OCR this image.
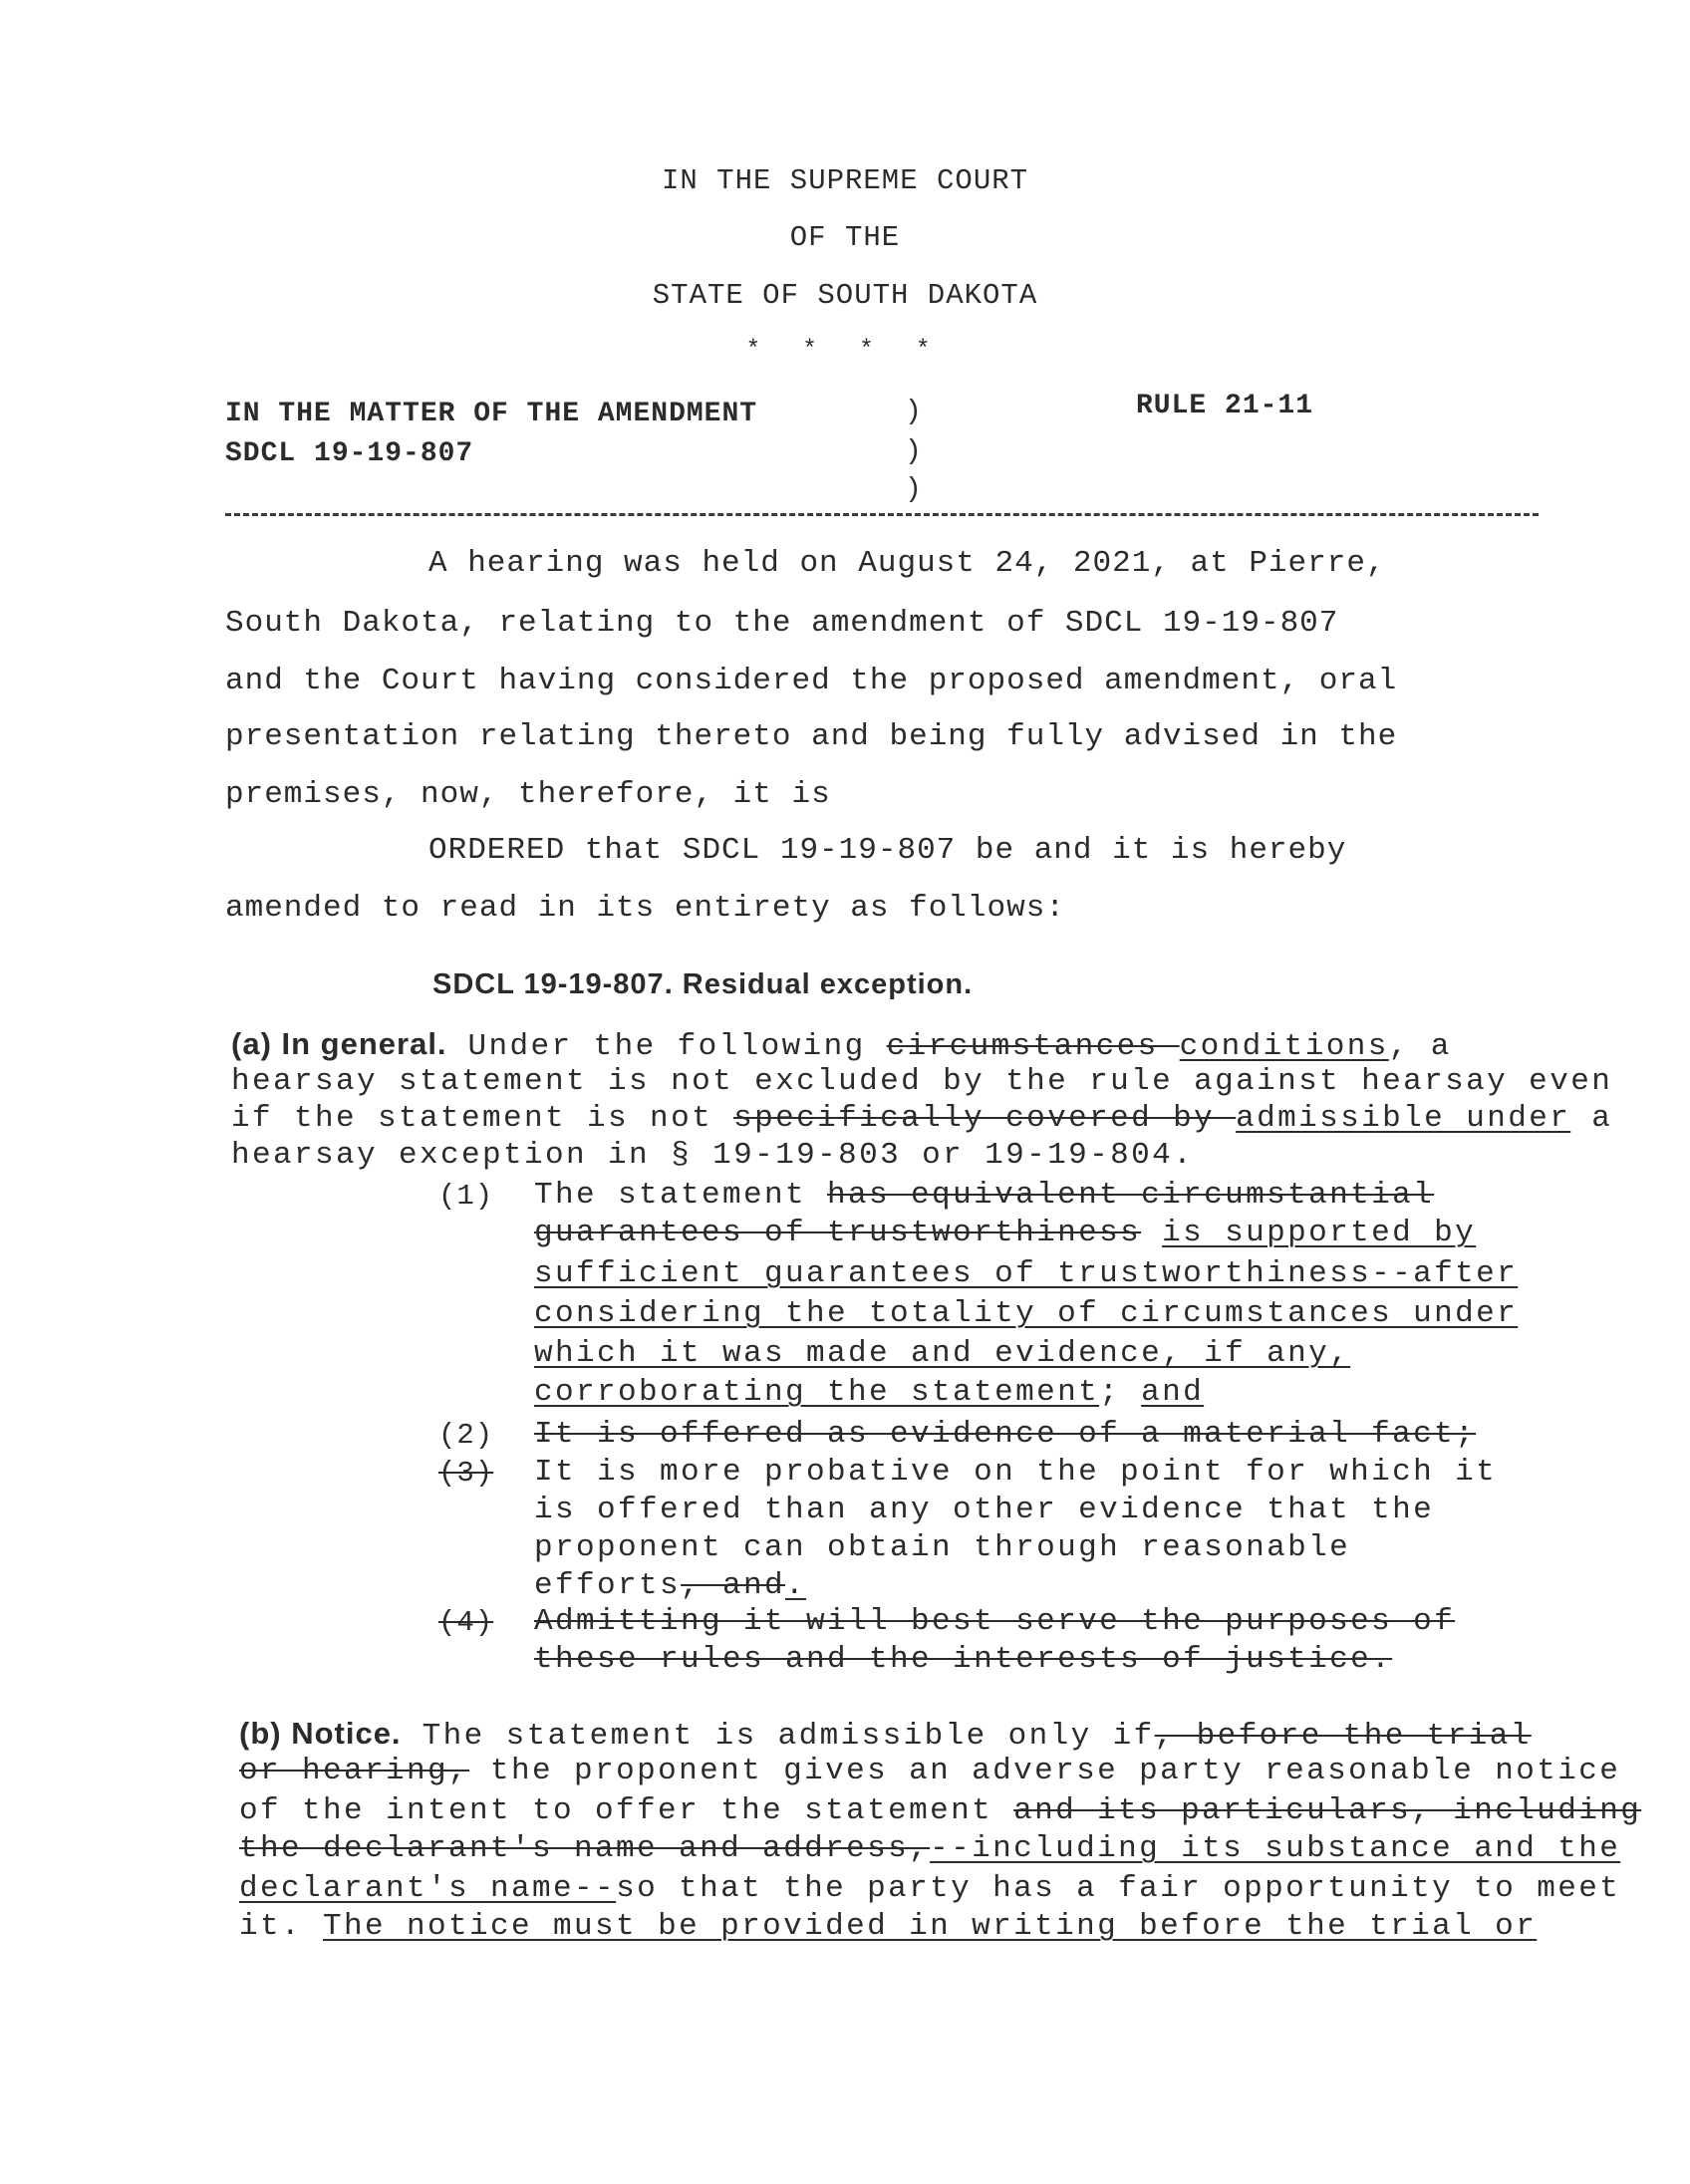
IN THE SUPREME COURT
OF THE
STATE OF SOUTH DAKOTA
* * * *
IN THE MATTER OF THE AMENDMENT
SDCL 19-19-807
)
)
)
RULE 21-11
A hearing was held on August 24, 2021, at Pierre,
South Dakota, relating to the amendment of SDCL 19-19-807
and the Court having considered the proposed amendment, oral
presentation relating thereto and being fully advised in the
premises, now, therefore, it is
ORDERED that SDCL 19-19-807 be and it is hereby
amended to read in its entirety as follows:
SDCL 19-19-807. Residual exception.
(a) In general. Under the following circumstances conditions, a
hearsay statement is not excluded by the rule against hearsay even
if the statement is not specifically covered by admissible under a
hearsay exception in § 19-19-803 or 19-19-804.
(1) The statement has equivalent circumstantial
guarantees of trustworthiness is supported by
sufficient guarantees of trustworthiness--after
considering the totality of circumstances under
which it was made and evidence, if any,
corroborating the statement; and
(2) It is offered as evidence of a material fact;
(3) It is more probative on the point for which it
is offered than any other evidence that the
proponent can obtain through reasonable
efforts, and.
(4) Admitting it will best serve the purposes of
these rules and the interests of justice.
(b) Notice. The statement is admissible only if, before the trial
or hearing, the proponent gives an adverse party reasonable notice
of the intent to offer the statement and its particulars, including
the declarant's name and address,--including its substance and the
declarant's name--so that the party has a fair opportunity to meet
it. The notice must be provided in writing before the trial or
